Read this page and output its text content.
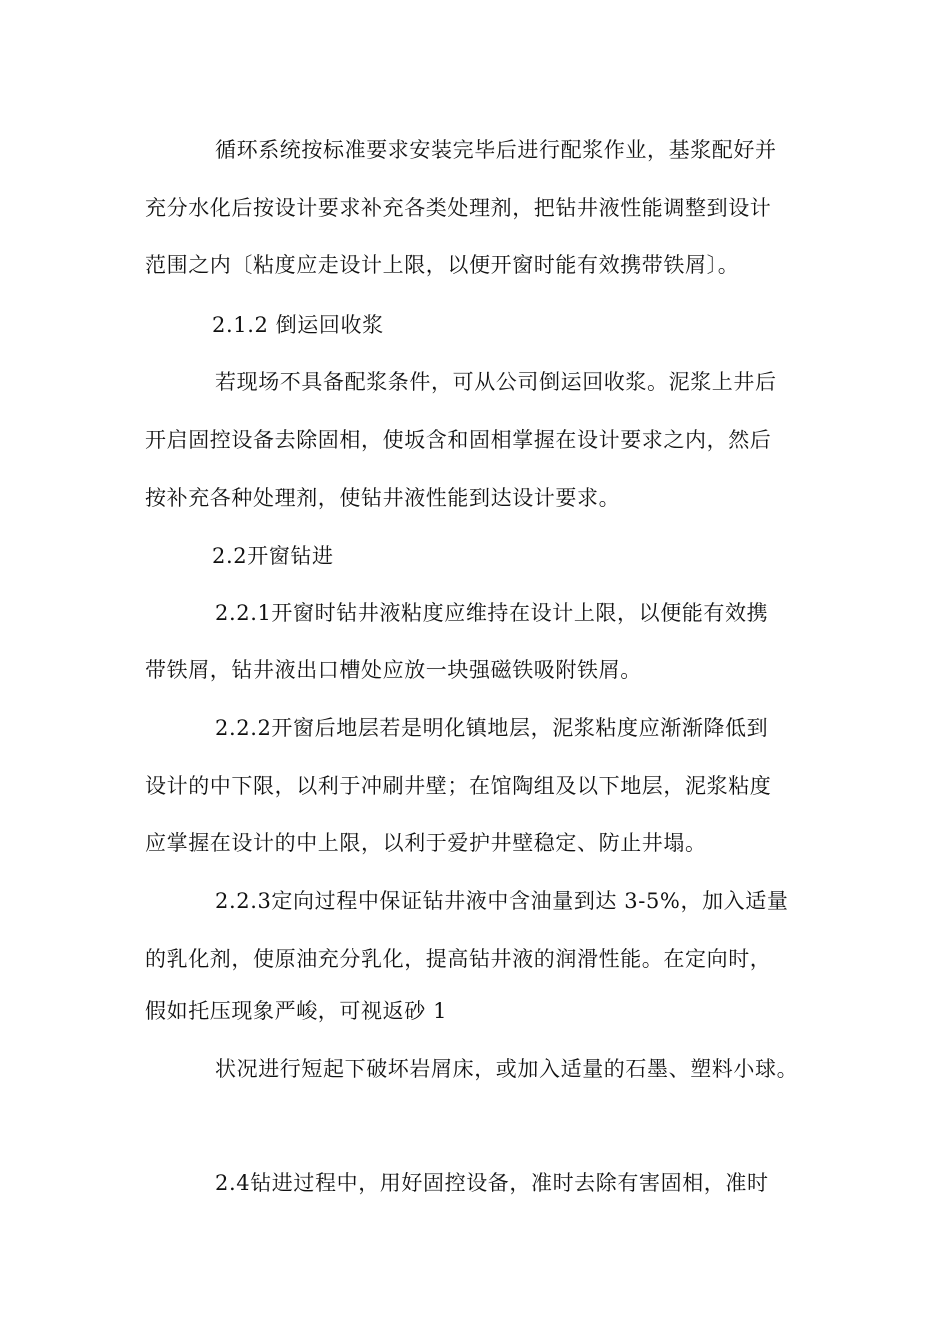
循环系统按标准要求安装完毕后进行配浆作业，基浆配好并
充分水化后按设计要求补充各类处理剂，把钻井液性能调整到设计
范围之内〔粘度应走设计上限，以便开窗时能有效携带铁屑〕。
2.1.2 倒运回收浆
若现场不具备配浆条件，可从公司倒运回收浆。泥浆上井后
开启固控设备去除固相，使坂含和固相掌握在设计要求之内，然后
按补充各种处理剂，使钻井液性能到达设计要求。
2.2开窗钻进
2.2.1开窗时钻井液粘度应维持在设计上限，以便能有效携
带铁屑，钻井液出口槽处应放一块强磁铁吸附铁屑。
2.2.2开窗后地层若是明化镇地层，泥浆粘度应渐渐降低到
设计的中下限，以利于冲刷井壁；在馆陶组及以下地层，泥浆粘度
应掌握在设计的中上限，以利于爱护井壁稳定、防止井塌。
2.2.3定向过程中保证钻井液中含油量到达 3-5%，加入适量
的乳化剂，使原油充分乳化，提高钻井液的润滑性能。在定向时，
假如托压现象严峻，可视返砂 1
状况进行短起下破坏岩屑床，或加入适量的石墨、塑料小球。
2.4钻进过程中，用好固控设备，准时去除有害固相，准时
